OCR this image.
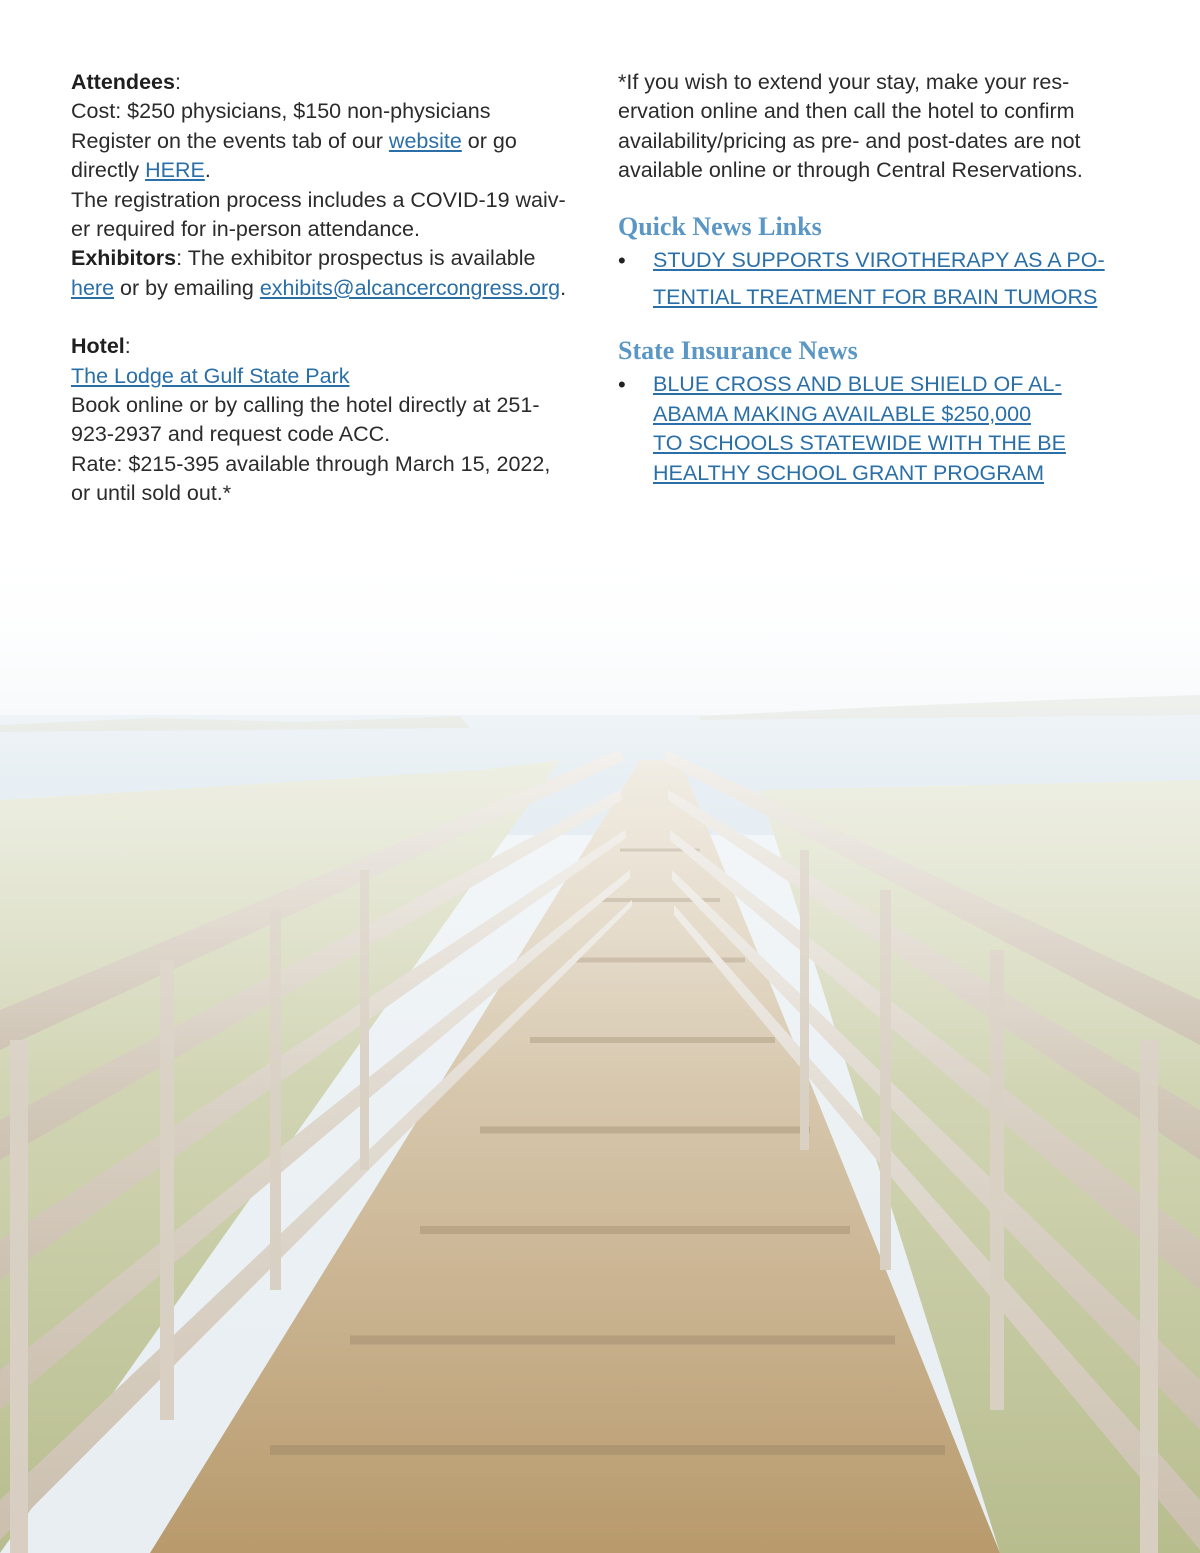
Attendees:
Cost: $250 physicians, $150 non-physicians
Register on the events tab of our website or go
directly HERE.
The registration process includes a COVID-19 waiv-
er required for in-person attendance.
Exhibitors: The exhibitor prospectus is available
here or by emailing exhibits@alcancercongress.org.
Hotel:
The Lodge at Gulf State Park
Book online or by calling the hotel directly at 251-
923-2937 and request code ACC.
Rate: $215-395 available through March 15, 2022,
or until sold out.*
*If you wish to extend your stay, make your res-
ervation online and then call the hotel to confirm
availability/pricing as pre- and post-dates are not
available online or through Central Reservations.
Quick News Links
• STUDY SUPPORTS VIROTHERAPY AS A PO-
TENTIAL TREATMENT FOR BRAIN TUMORS
State Insurance News
• BLUE CROSS AND BLUE SHIELD OF AL-
ABAMA MAKING AVAILABLE $250,000
TO SCHOOLS STATEWIDE WITH THE BE
HEALTHY SCHOOL GRANT PROGRAM
